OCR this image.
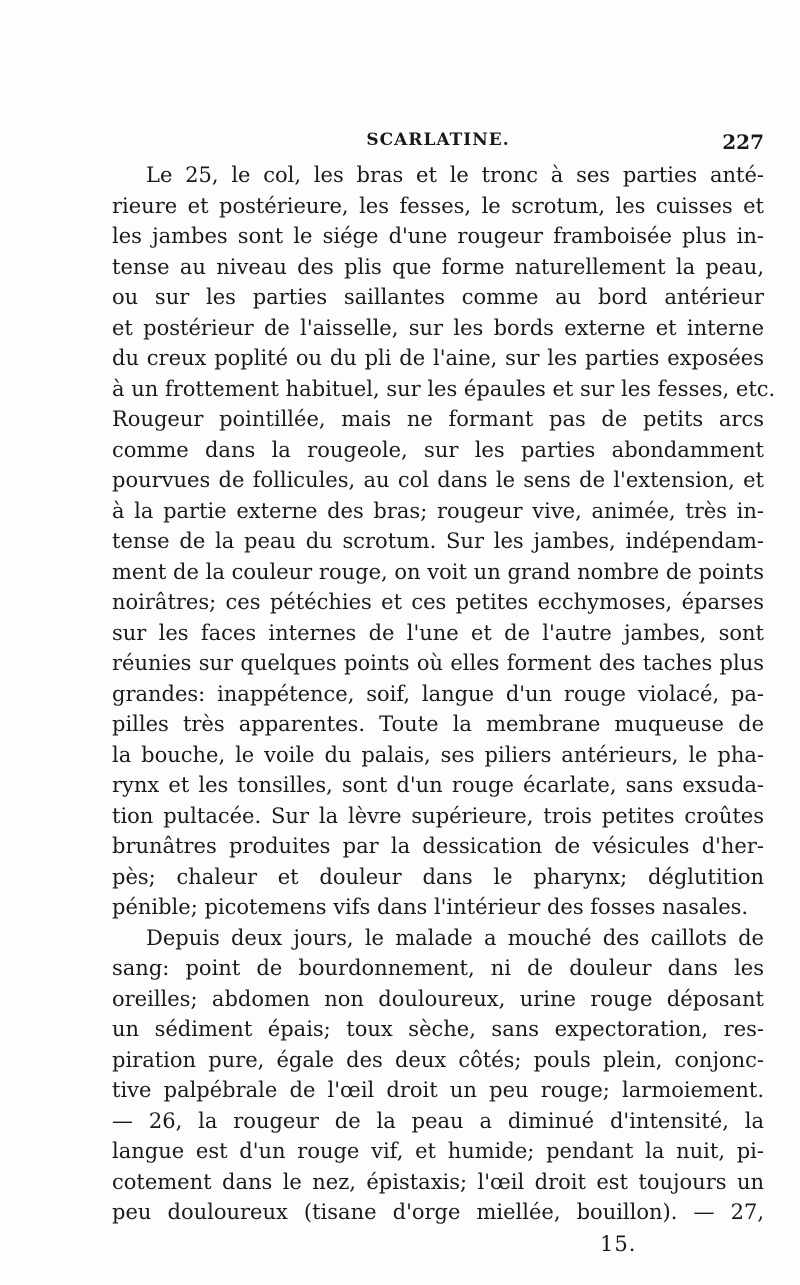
SCARLATINE.	227
Le 25, le col, les bras et le tronc à ses parties anté-
rieure et postérieure, les fesses, le scrotum, les cuisses et
les jambes sont le siége d'une rougeur framboisée plus in-
tense au niveau des plis que forme naturellement la peau,
ou sur les parties saillantes comme au bord antérieur
et postérieur de l'aisselle, sur les bords externe et interne
du creux poplité ou du pli de l'aine, sur les parties exposées
à un frottement habituel, sur les épaules et sur les fesses, etc.
Rougeur pointillée, mais ne formant pas de petits arcs
comme dans la rougeole, sur les parties abondamment
pourvues de follicules, au col dans le sens de l'extension, et
à la partie externe des bras; rougeur vive, animée, très in-
tense de la peau du scrotum. Sur les jambes, indépendam-
ment de la couleur rouge, on voit un grand nombre de points
noirâtres; ces pétéchies et ces petites ecchymoses, éparses
sur les faces internes de l'une et de l'autre jambes, sont
réunies sur quelques points où elles forment des taches plus
grandes: inappétence, soif, langue d'un rouge violacé, pa-
pilles très apparentes. Toute la membrane muqueuse de
la bouche, le voile du palais, ses piliers antérieurs, le pha-
rynx et les tonsilles, sont d'un rouge écarlate, sans exsuda-
tion pultacée. Sur la lèvre supérieure, trois petites croûtes
brunâtres produites par la dessication de vésicules d'her-
pès; chaleur et douleur dans le pharynx; déglutition
pénible; picotemens vifs dans l'intérieur des fosses nasales.
Depuis deux jours, le malade a mouché des caillots de
sang: point de bourdonnement, ni de douleur dans les
oreilles; abdomen non douloureux, urine rouge déposant
un sédiment épais; toux sèche, sans expectoration, res-
piration pure, égale des deux côtés; pouls plein, conjonc-
tive palpébrale de l'œil droit un peu rouge; larmoiement.
— 26, la rougeur de la peau a diminué d'intensité, la
langue est d'un rouge vif, et humide; pendant la nuit, pi-
cotement dans le nez, épistaxis; l'œil droit est toujours un
peu douloureux (tisane d'orge miellée, bouillon). — 27,
15.
